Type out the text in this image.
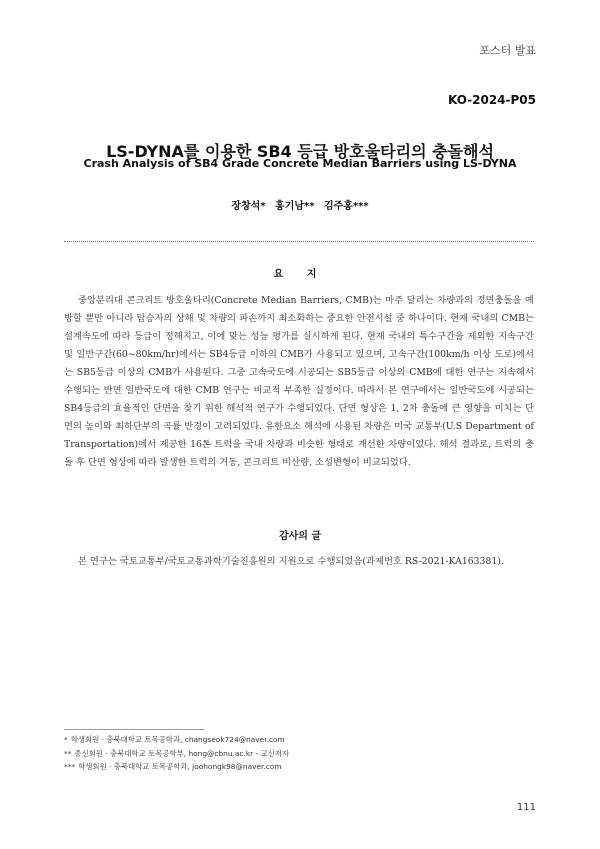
포스터 발표
KO-2024-P05
LS-DYNA를 이용한 SB4 등급 방호울타리의 충돌해석
Crash Analysis of SB4 Grade Concrete Median Barriers using LS-DYNA
장창석* 홍기남** 김주홍***
요 지

중앙분리대 콘크리트 방호울타리(Concrete Median Barriers, CMB)는 마주 달리는 차량과의 정면충돌을 예방할 뿐만 아니라 탑승자의 상해 및 차량의 파손까지 최소화하는 중요한 안전시설 중 하나이다. 현재 국내의 CMB는 설계속도에 따라 등급이 정해지고, 이에 맞는 성능 평가를 실시하게 된다. 현재 국내의 특수구간을 제외한 지속구간 및 일반구간(60~80km/hr)에서는 SB4등급 이하의 CMB가 사용되고 있으며, 고속구간(100km/h 이상 도로)에서는 SB5등급 이상의 CMB가 사용된다. 그중 고속국도에 시공되는 SB5등급 이상의 CMB에 대한 연구는 지속해서 수행되는 반면 일반국도에 대한 CMB 연구는 비교적 부족한 실정이다. 따라서 본 연구에서는 일반국도에 시공되는 SB4등급의 효율적인 단면을 찾기 위한 해석적 연구가 수행되었다. 단면 형상은 1, 2차 충돌에 큰 영향을 미치는 단면의 높이와 최하단부의 곡률 반경이 고려되었다. 유한요소 해석에 사용된 차량은 미국 교통부(U.S Department of Transportation)에서 제공한 16톤 트럭을 국내 차량과 비슷한 형태로 개선한 차량이었다. 해석 결과로, 트럭의 충돌 후 단면 형상에 따라 발생한 트럭의 거동, 콘크리트 비산량, 소성변형이 비교되었다.

감사의 글

본 연구는 국토교통부/국토교통과학기술진흥원의 지원으로 수행되었음(과제번호 RS-2021-KA163381).

* 학생회원 · 충북대학교 토목공학과, changseok724@naver.com
** 종신회원 · 충북대학교 토목공학부, hong@cbnu.ac.kr - 교신저자
*** 학생회원 · 충북대학교 토목공학과, joohongk98@naver.com
111
